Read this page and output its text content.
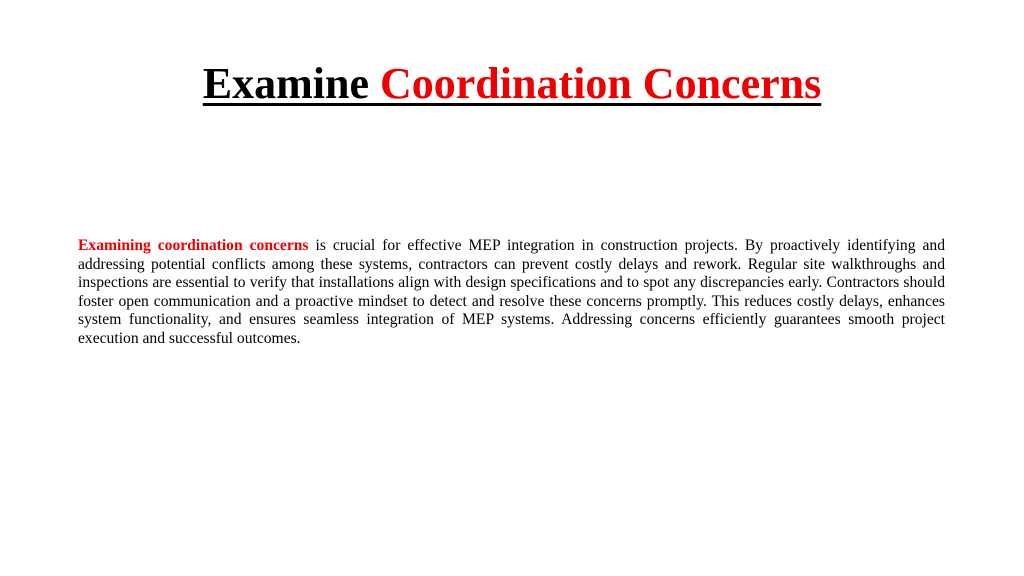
Examine Coordination Concerns

Examining coordination concerns is crucial for effective MEP integration in construction projects. By proactively identifying and addressing potential conflicts among these systems, contractors can prevent costly delays and rework. Regular site walkthroughs and inspections are essential to verify that installations align with design specifications and to spot any discrepancies early. Contractors should foster open communication and a proactive mindset to detect and resolve these concerns promptly. This reduces costly delays, enhances system functionality, and ensures seamless integration of MEP systems. Addressing concerns efficiently guarantees smooth project execution and successful outcomes.
